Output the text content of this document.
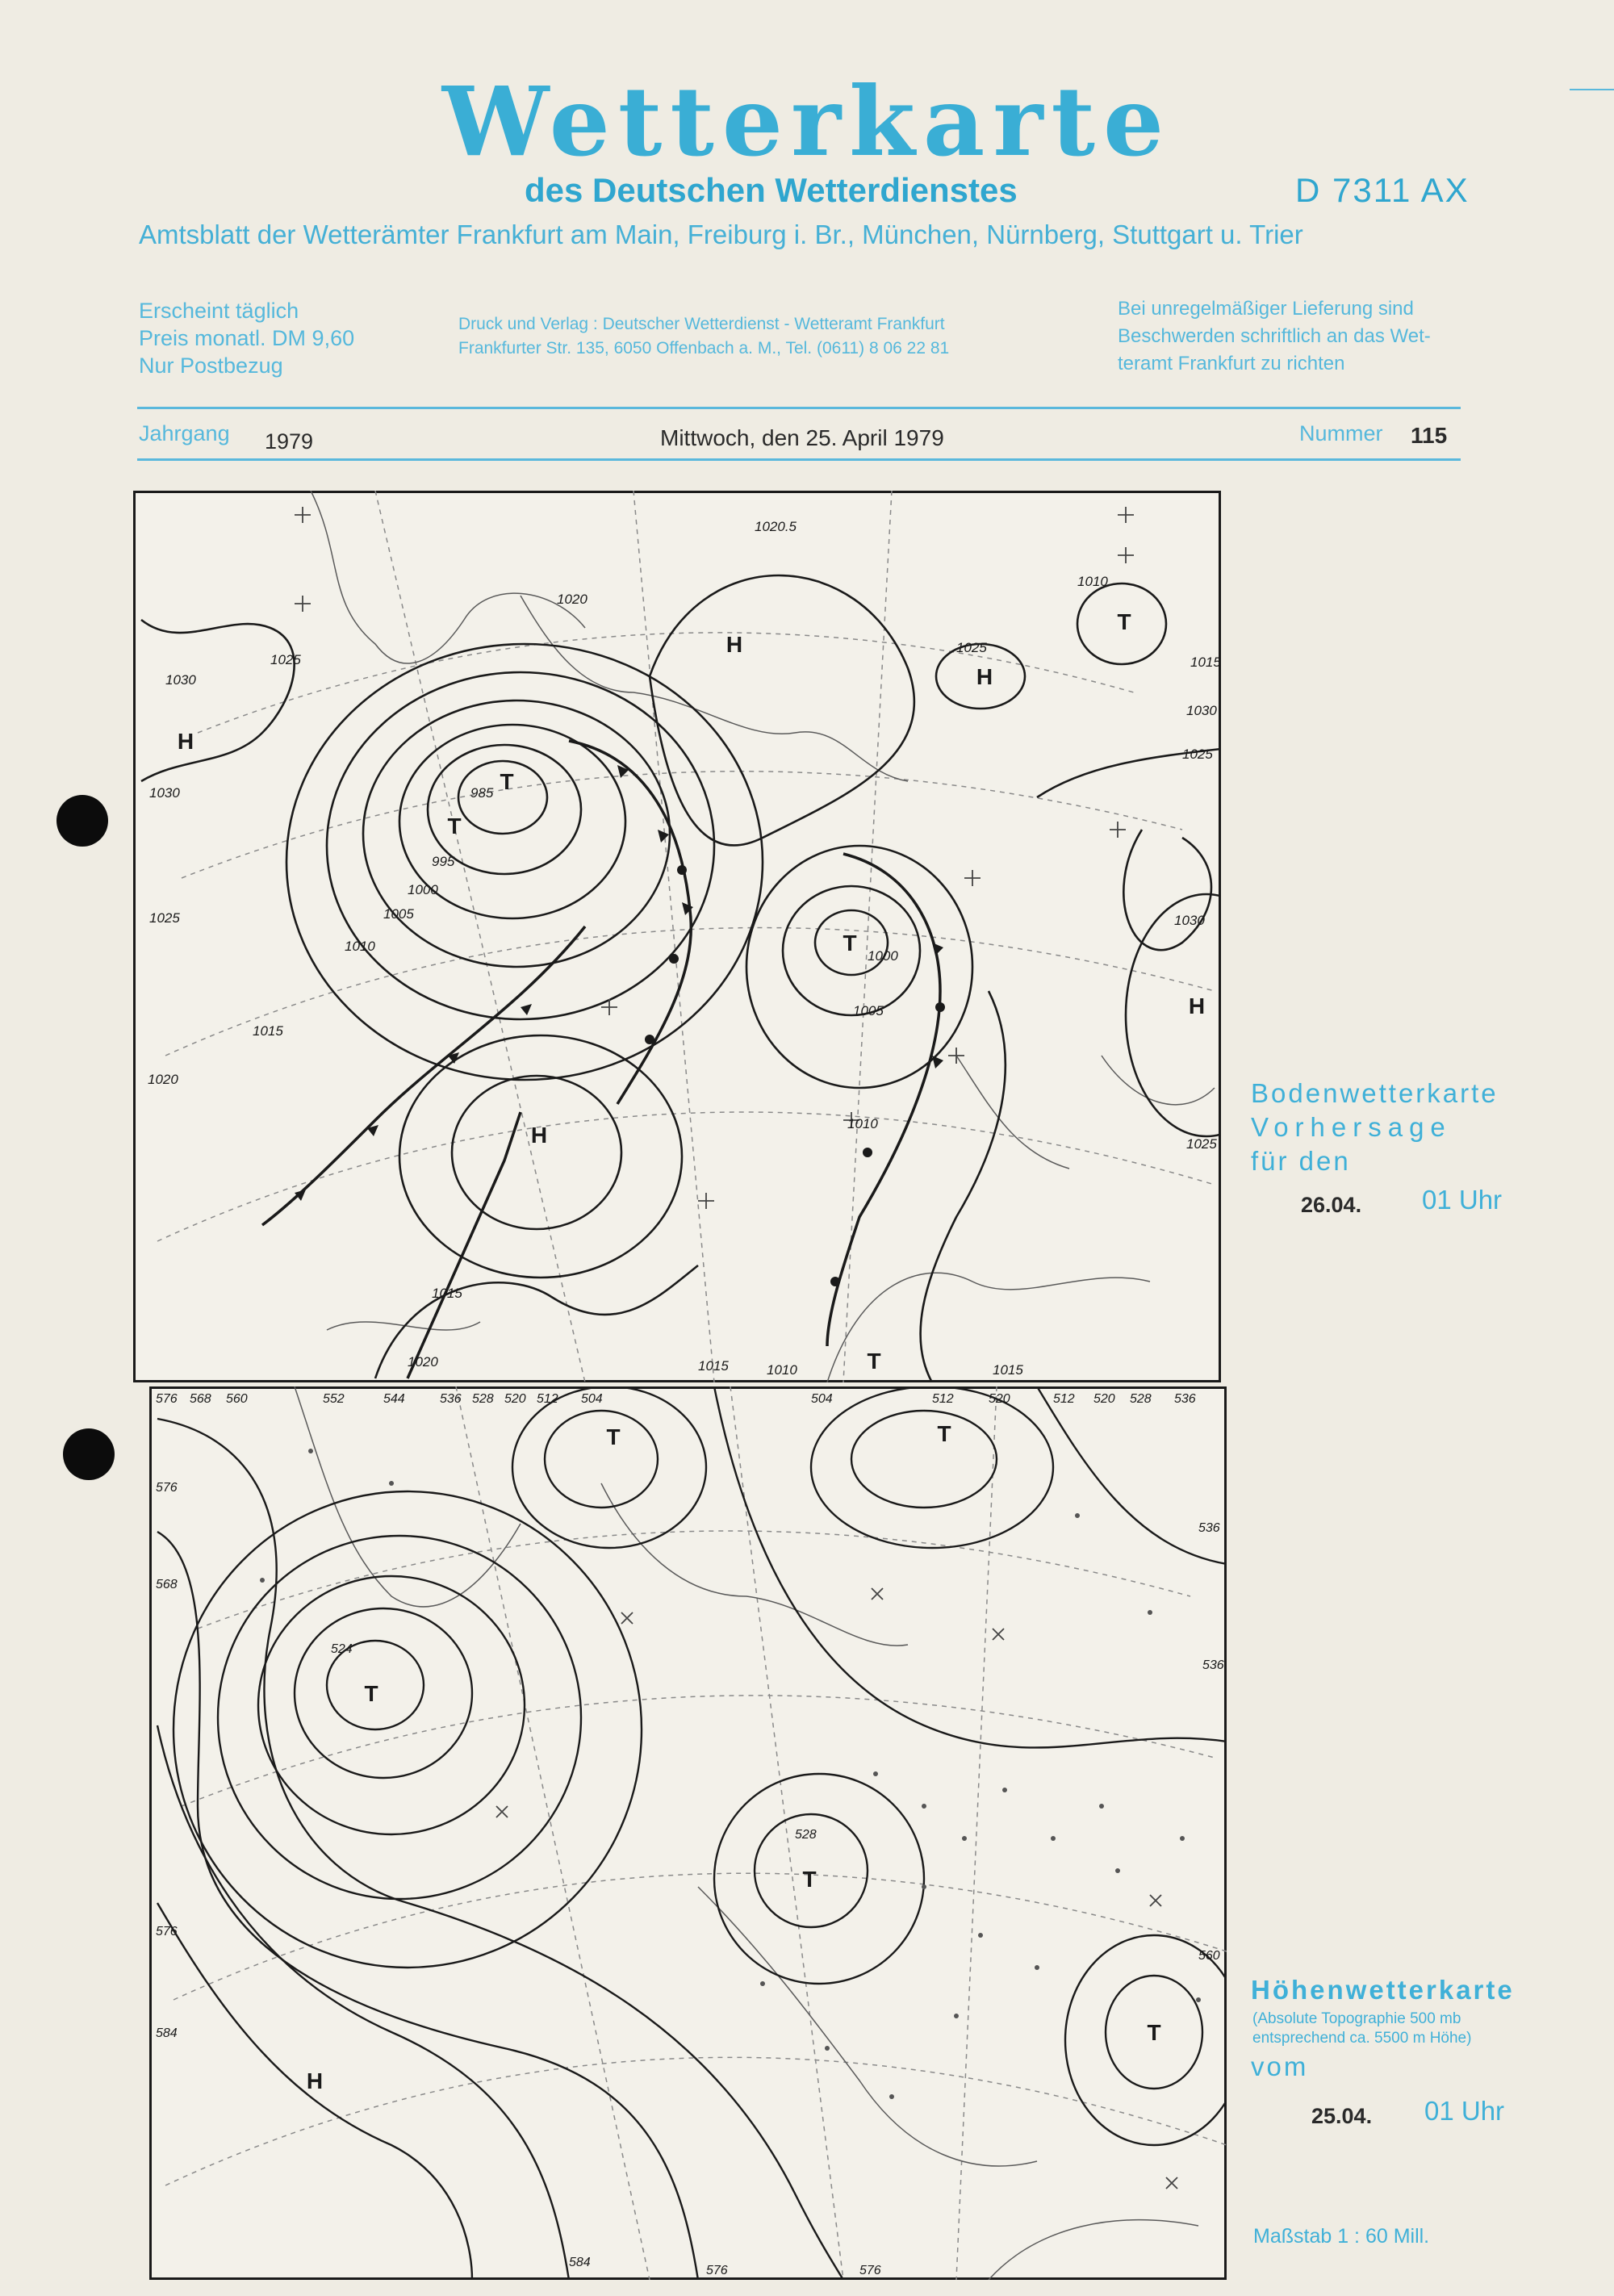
Wetterkarte
des Deutschen Wetterdienstes	D 7311 AX
Amtsblatt der Wetterämter Frankfurt am Main, Freiburg i. Br., München, Nürnberg, Stuttgart u. Trier
Erscheint täglich
Preis monatl. DM 9,60
Nur Postbezug
Druck und Verlag : Deutscher Wetterdienst - Wetteramt Frankfurt
Frankfurter Str. 135, 6050 Offenbach a. M., Tel. (0611) 8 06 22 81
Bei unregelmäßiger Lieferung sind
Beschwerden schriftlich an das Wet-
teramt Frankfurt zu richten
Jahrgang 1979	Mittwoch, den 25. April 1979	Nummer 115
H
H
H
H
H
T
T
T
T
T
1030
1030
1025
1025
1020
1020
1015
1010
1005
1000
995
985
1020.5
1025
1010
1015
1030
1025
1000
1005
1010
1030
1025
1015	1010	1015
1020
1015
Bodenwetterkarte
Vorhersage
für den
26.04. 01 Uhr
T	T
T
T
T
H
576 568 560	552	544	536 528 520 512 504	504	512	520	512 520 528 536
576
568
576
584
524
528
560
536
536
584
576	576
Höhenwetterkarte
(Absolute Topographie 500 mb
entsprechend ca. 5500 m Höhe)
vom
25.04. 01 Uhr
Maßstab 1 : 60 Mill.
